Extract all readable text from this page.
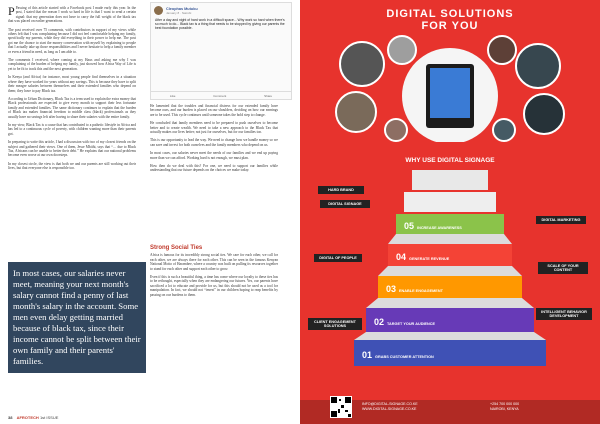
P Passing of this article started with a Facebook post I made early this year. In the post, I stated that the reason I work so hard in life is that I want to send a certain signal: that my generation does not have to carry the full weight of the black tax that was placed on earlier generations.

The post received over 75 comments, with contributors in support of my views while others felt that I was complaining because I did not feel comfortable helping my family, specifically my parents, while they did everything in their power to help me. The post got me the chance to start the money conversation with myself by explaining to people that I actually take up those responsibilities and I never hesitate to help a family member or even a friend in need, as long as I am able to.

The comments I received, where coming at my Haus and asking me why I was complaining of the burden of helping my family, just showed how Africa Way of Life is yet to be fit to track this and the next generation.

In Kenya (and Africa) for instance, most young people find themselves in a situation where they have worked for years without any savings. This is because they have to split their meagre salaries between themselves and their extended families who depend on them; they have to pay Black tax.

According to Urban Dictionary, Black Tax is a term used to explain the extra money that Black professionals are expected to give every month to support their less fortunate family and extended families. The same dictionary continues to explain that the burden of Black tax makes financial freedom to middle class (black) professionals as they usually have no savings left after having to share their salaries with the entire family.

In my view, Black Tax is a cause that has contributed to a pathetic lifestyle in Africa and has led to a continuous cycle of poverty, with children wanting more than their parents got.

In preparing to write this article, I had a discussion with two of my closest friends on the subject and gathered their views. One of them, Jesse Mbithi, says that “… due to Black Tax, Africans can be unable to better their debt.” He explains that our national problems become even worse at our own doorsteps.

In my closest circle, the view is that both we and our parents are still working out their lives, but that everyone else is responsible too.

Cleophas Mutuku
January 8 · Nairobi
After a day and night of hard work in a difficult space... Why work so hard when there's so much to do... Black tax is a thing that needs to be stopped by giving our parents the best foundation possible.
Like	Comment	Share

He lamented that the troubles and financial distress for our extended family have become ours, and our burden is placed on our shoulders, deciding on how our earnings are to be used. This cycle continues until someone takes the bold step to change.

He concluded that family members need to be prepared to push ourselves to become better and to create wealth. We need to take a new approach to the Black Tax that actually makes our lives better; not just for ourselves, but for our families too.

This is our opportunity to lead the way. We need to change how we handle money so we can save and invest for both ourselves and the family members who depend on us.

In most cases, our salaries never meet the needs of our families and we end up paying more than we can afford. Working hard is not enough, we must plan.

How then do we deal with this? For one, we need to support our families while understanding that our future depends on the choices we make today.

In most cases, our salaries never meet, meaning your next month's salary cannot find a penny of last month's salary in the account. Some men even delay getting married because of black tax, since their income cannot be split between their own family and their parents' families.
Strong Social Ties

Africa is famous for its incredibly strong social ties. We care for each other, we call for each other, we are always there for each other. This can be seen in the famous Kenyan National Motto of Harambee, where a country was built on pulling its resources together to stand for each other and support each other to grow.

Even if this is such a beautiful thing, a time has come where our loyalty to these ties has to be rethought, especially when they are endangering our futures. Yes, our parents have sacrificed a lot to educate and provide for us, but this should not be used as a tool for manipulation. In fact, we should not “invest” in our children hoping to reap benefits by passing on our burdens to them.

38 AFROTECH 1st ISSUE
DIGITAL SOLUTIONS
FOR YOU
WHY USE DIGITAL SIGNAGE
05 INCREASE AWARENESS
04 GENERATE REVENUE
03 ENABLE ENGAGEMENT
02 TARGET YOUR AUDIENCE
01 GRABS CUSTOMER ATTENTION
HARD BRAND
DIGITAL SIGNAGE
DIGITAL OF PEOPLE
DIGITAL MARKETING
SCALE OF YOUR CONTENT
CLIENT ENGAGEMENT SOLUTIONS
INTELLIGENT BEHAVIOR DEVELOPMENT
INFO@DIGITAL-SIGNAGE.CO.KE
WWW.DIGITAL-SIGNAGE.CO.KE
+254 700 000 000
NAIROBI, KENYA
